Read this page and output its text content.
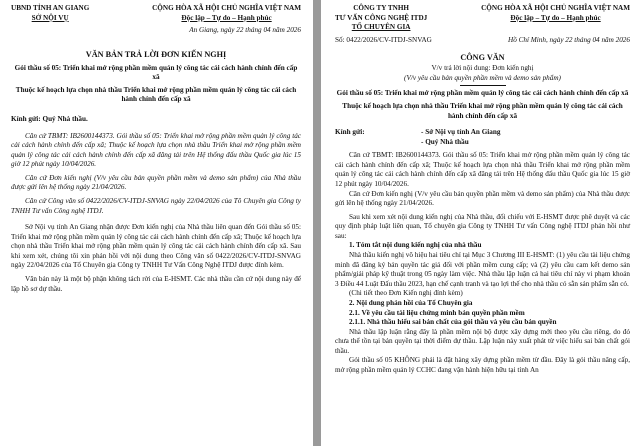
UBND TỈNH AN GIANG
SỞ NỘI VỤ
CỘNG HÒA XÃ HỘI CHỦ NGHĨA VIỆT NAM
Độc lập – Tự do – Hạnh phúc
An Giang, ngày 22 tháng 04 năm 2026
VĂN BẢN TRẢ LỜI ĐƠN KIẾN NGHỊ
Gói thầu số 05: Triển khai mở rộng phần mềm quản lý công tác cải cách hành chính đến cấp xã
Thuộc kế hoạch lựa chọn nhà thầu Triển khai mở rộng phần mềm quản lý công tác cải cách hành chính đến cấp xã
Kính gửi: Quý Nhà thầu.

Căn cứ TBMT: IB2600144373. Gói thầu số 05: Triển khai mở rộng phần mềm quản lý công tác cải cách hành chính đến cấp xã; Thuộc kế hoạch lựa chọn nhà thầu Triển khai mở rộng phần mềm quản lý công tác cải cách hành chính đến cấp xã đăng tải trên Hệ thống đấu thầu Quốc gia lúc 15 giờ 12 phút ngày 10/04/2026.

Căn cứ Đơn kiến nghị (V/v yêu cầu bản quyền phần mềm và demo sản phẩm) của Nhà thầu được gửi lên hệ thống ngày 21/04/2026.

Căn cứ Công văn số 0422/2026/CV-ITDJ-SNVAG ngày 22/04/2026 của Tô Chuyên gia Công ty TNHH Tư vấn Công nghệ ITDJ.

Sở Nội vụ tỉnh An Giang nhận được Đơn kiến nghị của Nhà thầu liên quan đến Gói thầu số 05: Triển khai mở rộng phần mềm quản lý công tác cải cách hành chính đến cấp xã; Thuộc kế hoạch lựa chọn nhà thầu Triển khai mở rộng phần mềm quản lý công tác cải cách hành chính đến cấp xã. Sau khi xem xét, chúng tôi xin phản hồi với nội dung theo Công văn số 0422/2026/CV-ITDJ-SNVAG ngày 22/04/2026 của Tổ Chuyên gia Công ty TNHH Tư Vấn Công Nghệ ITDJ được đính kèm.

Văn bản này là một bộ phận không tách rời của E-HSMT. Các nhà thầu cần cứ nội dung này để lập hồ sơ dự thầu.

CÔNG TY TNHH
TƯ VẤN CÔNG NGHỆ ITDJ
TỔ CHUYÊN GIA
CỘNG HÒA XÃ HỘI CHỦ NGHĨA VIỆT NAM
Độc lập – Tự do – Hạnh phúc
Số: 0422/2026/CV-ITDJ-SNVAG	Hồ Chí Minh, ngày 22 tháng 04 năm 2026
CÔNG VĂN
V/v trả lời nội dung: Đơn kiến nghị
(V/v yêu cầu bản quyền phần mềm và demo sản phẩm)
Gói thầu số 05: Triển khai mở rộng phần mềm quản lý công tác cải cách hành chính đến cấp xã
Thuộc kế hoạch lựa chọn nhà thầu Triển khai mở rộng phần mềm quản lý công tác cải cách hành chính đến cấp xã
Kính gửi:	- Sở Nội vụ tỉnh An Giang
- Quý Nhà thầu

Căn cứ TBMT: IB2600144373. Gói thầu số 05: Triển khai mở rộng phần mềm quản lý công tác cải cách hành chính đến cấp xã; Thuộc kế hoạch lựa chọn nhà thầu Triển khai mở rộng phần mềm quản lý công tác cải cách hành chính đến cấp xã đăng tải trên Hệ thống đấu thầu Quốc gia lúc 15 giờ 12 phút ngày 10/04/2026.

Căn cứ Đơn kiến nghị (V/v yêu cầu bản quyền phần mềm và demo sản phẩm) của Nhà thầu được gửi lên hệ thống ngày 21/04/2026.

Sau khi xem xét nội dung kiến nghị của Nhà thầu, đối chiếu với E-HSMT được phê duyệt và các quy định pháp luật liên quan, Tổ chuyên gia Công ty TNHH Tư vấn Công nghệ ITDJ phản hồi như sau:

1. Tóm tắt nội dung kiến nghị của nhà thầu

Nhà thầu kiến nghị vô hiệu hai tiêu chí tại Mục 3 Chương III E-HSMT: (1) yêu cầu tài liệu chứng minh đã đăng ký bản quyền tác giả đối với phần mềm cung cấp; và (2) yêu cầu cam kết demo sản phẩm/giải pháp kỹ thuật trong 05 ngày làm việc. Nhà thầu lập luận cả hai tiêu chí này vi phạm khoản 3 Điều 44 Luật Đấu thầu 2023, hạn chế cạnh tranh và tạo lợi thế cho nhà thầu có sẵn sản phẩm sẵn có.

(Chi tiết theo Đơn Kiến nghị đính kèm)

2. Nội dung phản hồi của Tổ Chuyên gia

2.1. Về yêu cầu tài liệu chứng minh bản quyền phần mềm

2.1.1. Nhà thầu hiểu sai bản chất của gói thầu và yêu cầu bản quyền

Nhà thầu lập luận rằng đây là phần mềm nội bộ được xây dựng mới theo yêu cầu riêng, do đó chưa thể tồn tại bản quyền tại thời điểm dự thầu. Lập luận này xuất phát từ việc hiểu sai bản chất gói thầu.

Gói thầu số 05 KHÔNG phải là đặt hàng xây dựng phần mềm từ đầu. Đây là gói thầu nâng cấp, mở rộng phần mềm quản lý CCHC đang vận hành hiện hữu tại tỉnh An
